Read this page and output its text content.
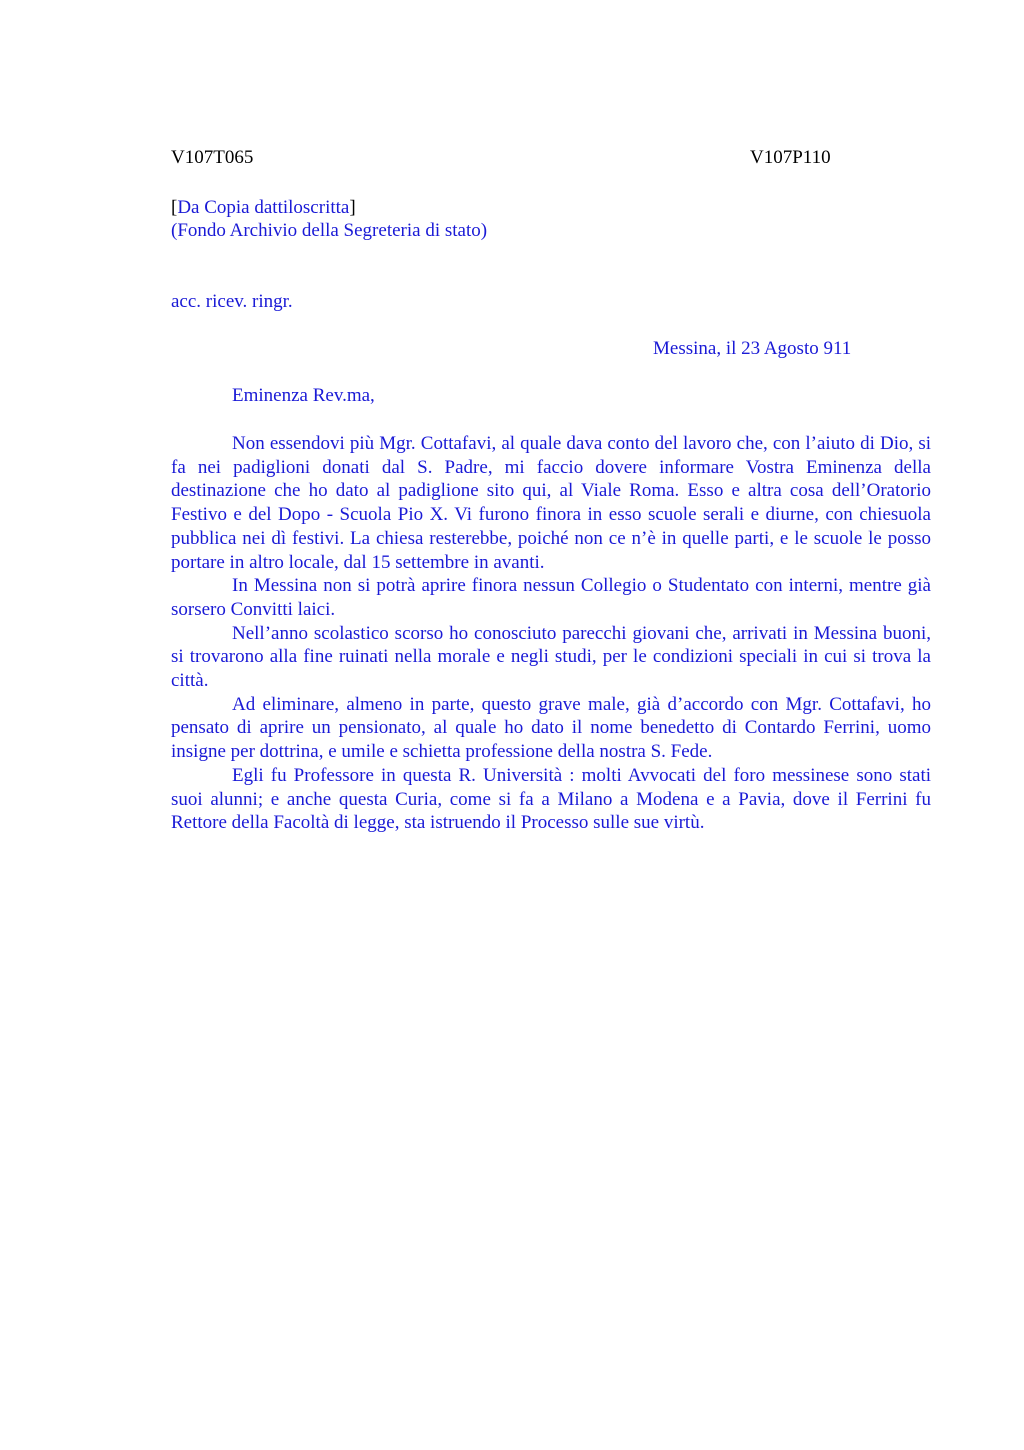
V107T065	V107P110
[Da Copia dattiloscritta]
(Fondo Archivio della Segreteria di stato)
acc. ricev. ringr.
Messina, il 23 Agosto 911
Eminenza Rev.ma,

Non essendovi più Mgr. Cottafavi, al quale dava conto del lavoro che, con l’aiuto di Dio, si fa nei padiglioni donati dal S. Padre, mi faccio dovere informare Vostra Eminenza della destinazione che ho dato al padiglione sito qui, al Viale Roma. Esso e altra cosa dell’Oratorio Festivo e del Dopo - Scuola Pio X. Vi furono finora in esso scuole serali e diurne, con chiesuola pubblica nei dì festivi. La chiesa resterebbe, poiché non ce n’è in quelle parti, e le scuole le posso portare in altro locale, dal 15 settembre in avanti.

In Messina non si potrà aprire finora nessun Collegio o Studentato con interni, mentre già sorsero Convitti laici.

Nell’anno scolastico scorso ho conosciuto parecchi giovani che, arrivati in Messina buoni, si trovarono alla fine ruinati nella morale e negli studi, per le condizioni speciali in cui si trova la città.

Ad eliminare, almeno in parte, questo grave male, già d’accordo con Mgr. Cottafavi, ho pensato di aprire un pensionato, al quale ho dato il nome benedetto di Contardo Ferrini, uomo insigne per dottrina, e umile e schietta professione della nostra S. Fede.

Egli fu Professore in questa R. Università : molti Avvocati del foro messinese sono stati suoi alunni; e anche questa Curia, come si fa a Milano a Modena e a Pavia, dove il Ferrini fu Rettore della Facoltà di legge, sta istruendo il Processo sulle sue virtù.
